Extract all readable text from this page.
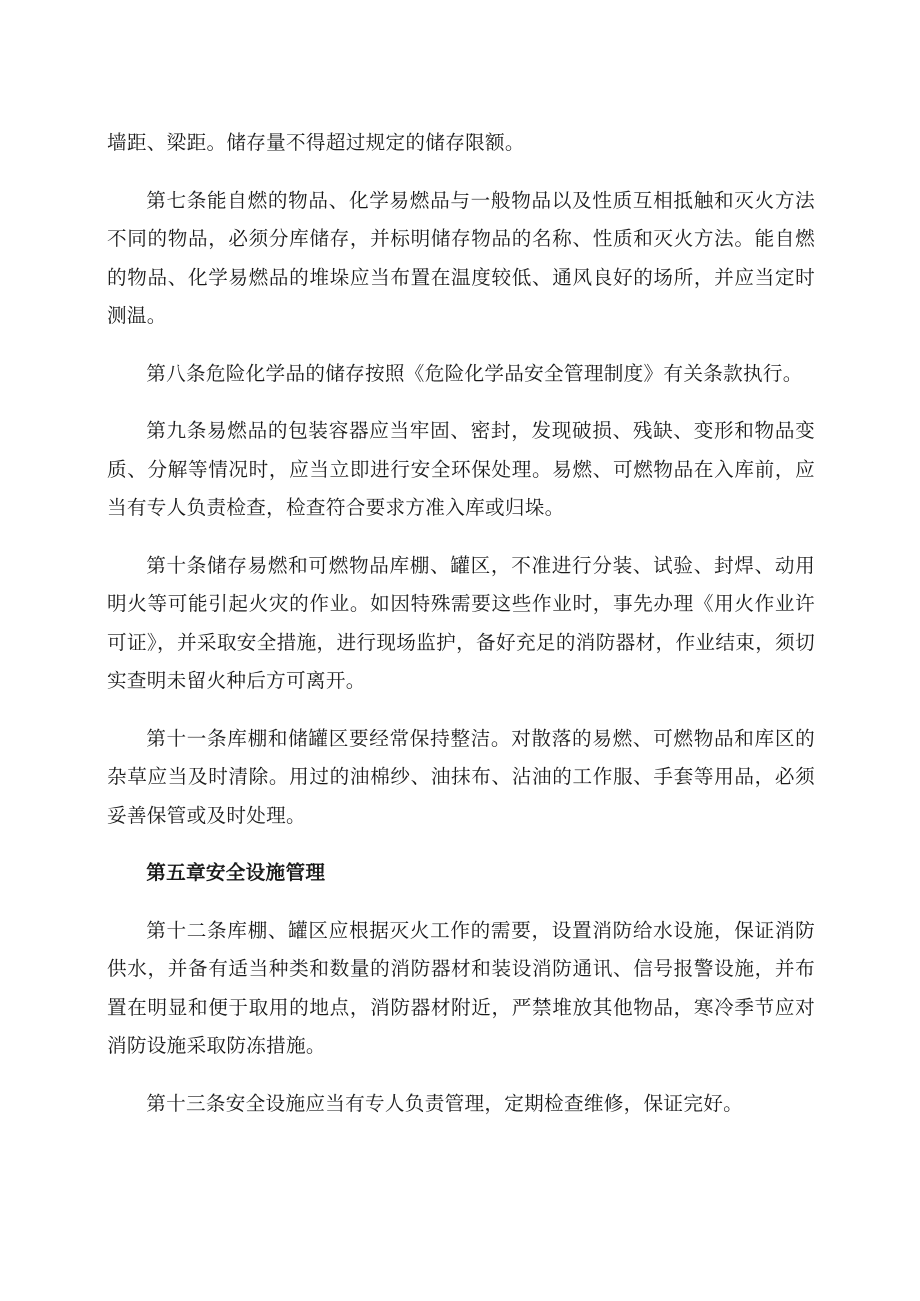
墙距、梁距。储存量不得超过规定的储存限额。

第七条能自燃的物品、化学易燃品与一般物品以及性质互相抵触和灭火方法不同的物品，必须分库储存，并标明储存物品的名称、性质和灭火方法。能自燃的物品、化学易燃品的堆垛应当布置在温度较低、通风良好的场所，并应当定时测温。

第八条危险化学品的储存按照《危险化学品安全管理制度》有关条款执行。

第九条易燃品的包装容器应当牢固、密封，发现破损、残缺、变形和物品变质、分解等情况时，应当立即进行安全环保处理。易燃、可燃物品在入库前，应当有专人负责检查，检查符合要求方准入库或归垛。

第十条储存易燃和可燃物品库棚、罐区，不准进行分装、试验、封焊、动用明火等可能引起火灾的作业。如因特殊需要这些作业时，事先办理《用火作业许可证》，并采取安全措施，进行现场监护，备好充足的消防器材，作业结束，须切实查明未留火种后方可离开。

第十一条库棚和储罐区要经常保持整洁。对散落的易燃、可燃物品和库区的杂草应当及时清除。用过的油棉纱、油抹布、沾油的工作服、手套等用品，必须妥善保管或及时处理。

第五章安全设施管理

第十二条库棚、罐区应根据灭火工作的需要，设置消防给水设施，保证消防供水，并备有适当种类和数量的消防器材和装设消防通讯、信号报警设施，并布置在明显和便于取用的地点，消防器材附近，严禁堆放其他物品，寒冷季节应对消防设施采取防冻措施。

第十三条安全设施应当有专人负责管理，定期检查维修，保证完好。
